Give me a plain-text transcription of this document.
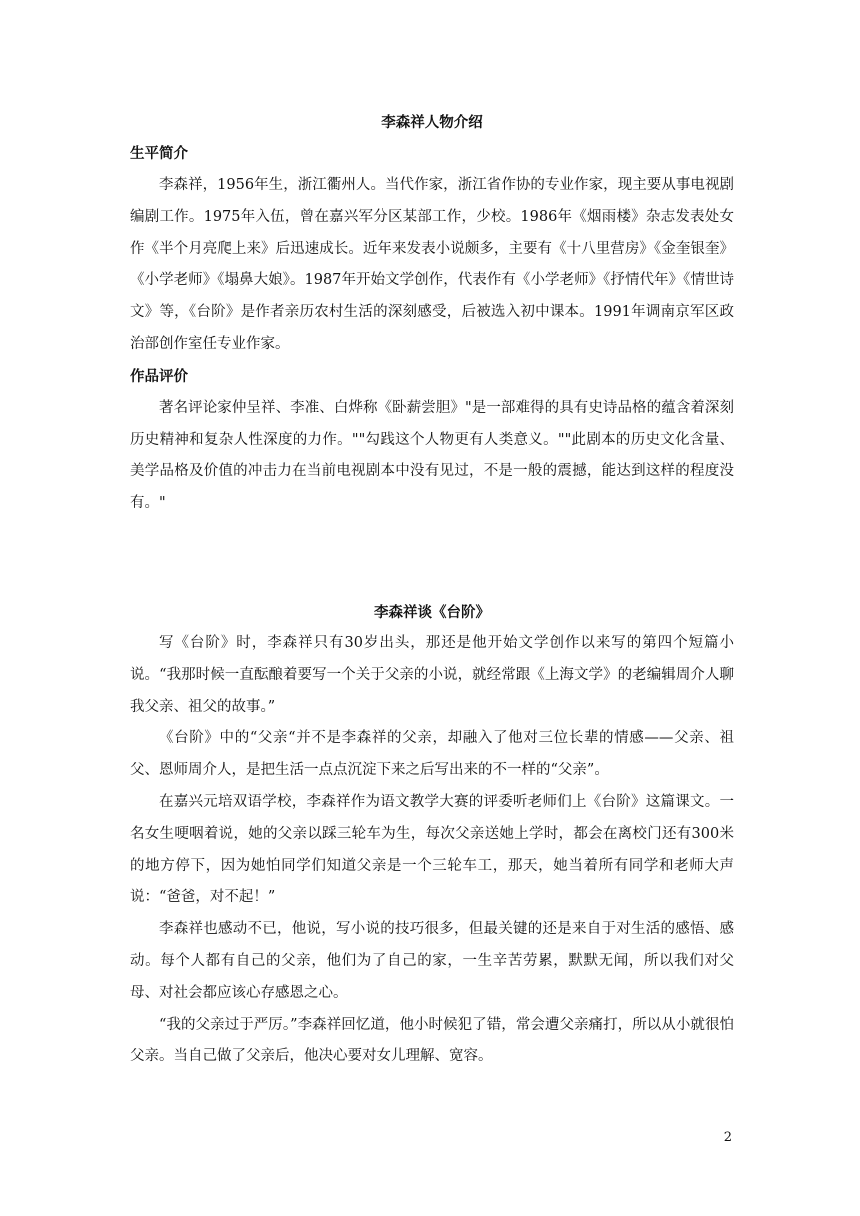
李森祥人物介绍
生平简介

李森祥，1956年生，浙江衢州人。当代作家，浙江省作协的专业作家，现主要从事电视剧编剧工作。1975年入伍，曾在嘉兴军分区某部工作，少校。1986年《烟雨楼》杂志发表处女作《半个月亮爬上来》后迅速成长。近年来发表小说颇多，主要有《十八里营房》《金奎银奎》《小学老师》《塌鼻大娘》。1987年开始文学创作，代表作有《小学老师》《抒情代年》《情世诗文》等，《台阶》是作者亲历农村生活的深刻感受，后被选入初中课本。1991年调南京军区政治部创作室任专业作家。

作品评价

著名评论家仲呈祥、李准、白烨称《卧薪尝胆》"是一部难得的具有史诗品格的蕴含着深刻历史精神和复杂人性深度的力作。""勾践这个人物更有人类意义。""此剧本的历史文化含量、美学品格及价值的冲击力在当前电视剧本中没有见过，不是一般的震撼，能达到这样的程度没有。"

李森祥谈《台阶》

写《台阶》时，李森祥只有30岁出头，那还是他开始文学创作以来写的第四个短篇小说。“我那时候一直酝酿着要写一个关于父亲的小说，就经常跟《上海文学》的老编辑周介人聊我父亲、祖父的故事。”

《台阶》中的“父亲“并不是李森祥的父亲，却融入了他对三位长辈的情感——父亲、祖父、恩师周介人，是把生活一点点沉淀下来之后写出来的不一样的“父亲”。

在嘉兴元培双语学校，李森祥作为语文教学大赛的评委听老师们上《台阶》这篇课文。一名女生哽咽着说，她的父亲以踩三轮车为生，每次父亲送她上学时，都会在离校门还有300米的地方停下，因为她怕同学们知道父亲是一个三轮车工，那天，她当着所有同学和老师大声说：“爸爸，对不起！”

李森祥也感动不已，他说，写小说的技巧很多，但最关键的还是来自于对生活的感悟、感动。每个人都有自己的父亲，他们为了自己的家，一生辛苦劳累，默默无闻，所以我们对父母、对社会都应该心存感恩之心。

“我的父亲过于严厉。”李森祥回忆道，他小时候犯了错，常会遭父亲痛打，所以从小就很怕父亲。当自己做了父亲后，他决心要对女儿理解、宽容。

2
